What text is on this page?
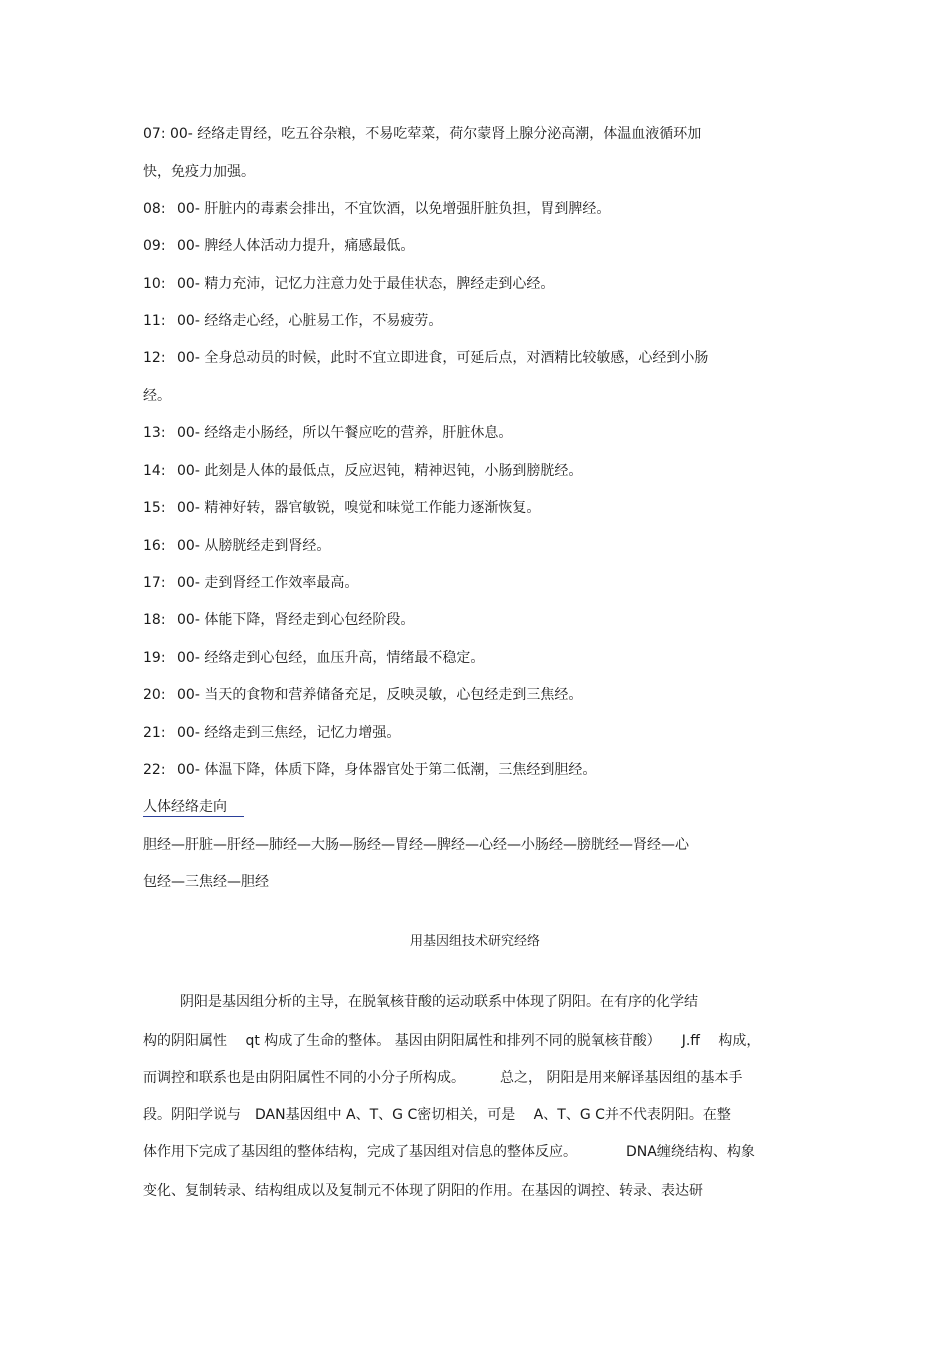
07: 00- 经络走胃经，吃五谷杂粮，不易吃荤菜，荷尔蒙肾上腺分泌高潮，体温血液循环加
快，免疫力加强。
08: 00- 肝脏内的毒素会排出，不宜饮酒，以免增强肝脏负担，胃到脾经。
09: 00- 脾经人体活动力提升，痛感最低。
10: 00- 精力充沛，记忆力注意力处于最佳状态，脾经走到心经。
11: 00- 经络走心经，心脏易工作，不易疲劳。
12: 00- 全身总动员的时候，此时不宜立即进食，可延后点，对酒精比较敏感，心经到小肠
经。
13: 00- 经络走小肠经，所以午餐应吃的营养，肝脏休息。
14: 00- 此刻是人体的最低点，反应迟钝，精神迟钝，小肠到膀胱经。
15: 00- 精神好转，器官敏锐，嗅觉和味觉工作能力逐渐恢复。
16: 00- 从膀胱经走到肾经。
17: 00- 走到肾经工作效率最高。
18: 00- 体能下降，肾经走到心包经阶段。
19: 00- 经络走到心包经，血压升高，情绪最不稳定。
20: 00- 当天的食物和营养储备充足，反映灵敏，心包经走到三焦经。
21: 00- 经络走到三焦经，记忆力增强。
22: 00- 体温下降，体质下降，身体器官处于第二低潮，三焦经到胆经。
人体经络走向
胆经—肝脏—肝经—肺经—大肠—肠经—胃经—脾经—心经—小肠经—膀胱经—肾经—心
包经—三焦经—胆经
用基因组技术研究经络
阴阳是基因组分析的主导，在脱氧核苷酸的运动联系中体现了阴阳。在有序的化学结
构的阴阳属性　 qt 构成了生命的整体。 基因由阴阳属性和排列不同的脱氧核苷酸）　　J.ff　 构成，
而调控和联系也是由阴阳属性不同的小分子所构成。　　　总之， 阴阳是用来解译基因组的基本手
段。阴阳学说与　DAN基因组中 A、T、G C密切相关，可是　 A、T、G C并不代表阴阳。在整
体作用下完成了基因组的整体结构，完成了基因组对信息的整体反应。　　　　DNA缠绕结构、构象
变化、复制转录、结构组成以及复制元不体现了阴阳的作用。在基因的调控、转录、表达研
